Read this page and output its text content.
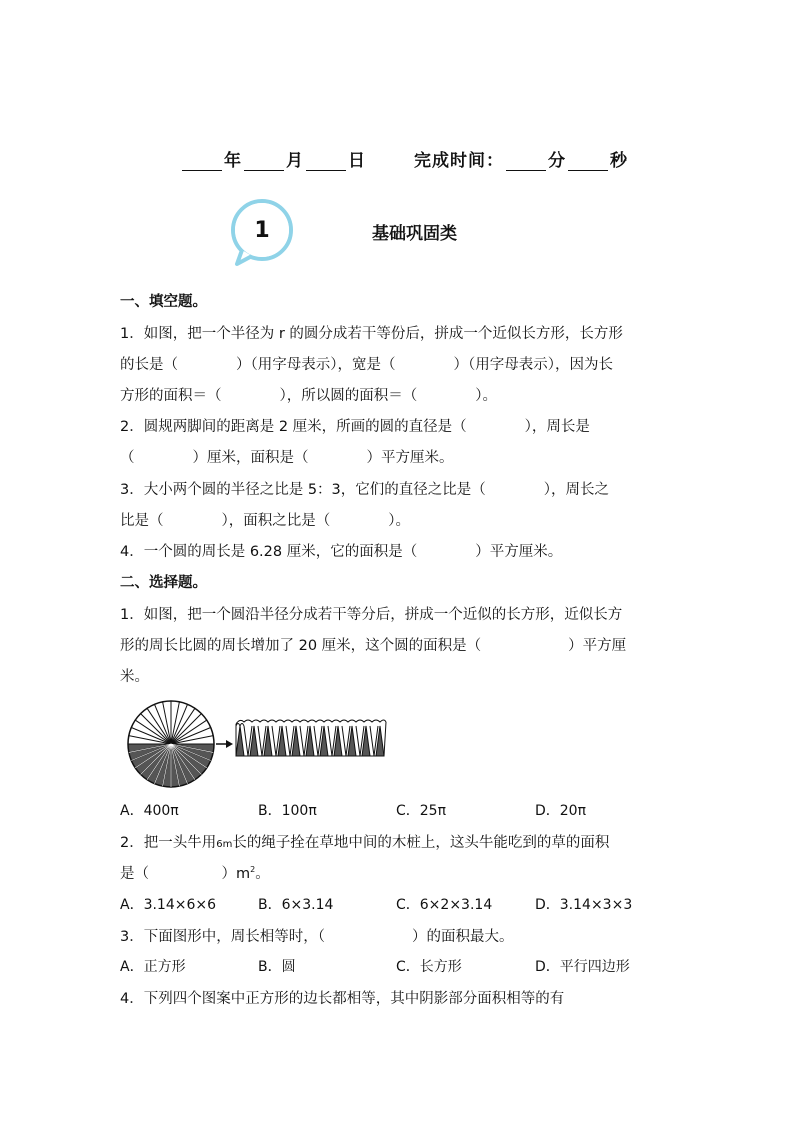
年	月	日	完成时间：	分	秒
1	基础巩固类
一、填空题。
1．如图，把一个半径为 r 的圆分成若干等份后，拼成一个近似长方形，长方形
的长是（　　　　）（用字母表示），宽是（　　　　）（用字母表示），因为长
方形的面积＝（　　　　），所以圆的面积＝（　　　　）。
2．圆规两脚间的距离是 2 厘米，所画的圆的直径是（　　　　），周长是
（　　　　）厘米，面积是（　　　　）平方厘米。
3．大小两个圆的半径之比是 5：3，它们的直径之比是（　　　　），周长之
比是（　　　　），面积之比是（　　　　）。
4．一个圆的周长是 6.28 厘米，它的面积是（　　　　）平方厘米。
二、选择题。
1．如图，把一个圆沿半径分成若干等分后，拼成一个近似的长方形，近似长方
形的周长比圆的周长增加了 20 厘米，这个圆的面积是（　　　　　　）平方厘
米。
A．400π	B．100π	C．25π	D．20π
2．把一头牛用6m长的绳子拴在草地中间的木桩上，这头牛能吃到的草的面积
是（　　　　　）$m^2$。
A．3.14×6×6	B．6×3.14	C．6×2×3.14	D．3.14×3×3
3．下面图形中，周长相等时，（　　　　　　）的面积最大。
A．正方形	B．圆	C．长方形	D．平行四边形
4．下列四个图案中正方形的边长都相等，其中阴影部分面积相等的有
